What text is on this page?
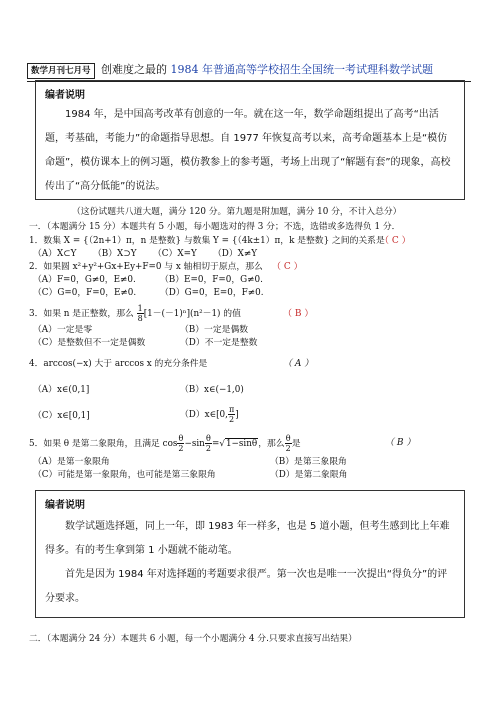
数学月刊七月号 创难度之最的 1984 年普通高等学校招生全国统一考试理科数学试题
编者说明

1984 年，是中国高考改革有创意的一年。就在这一年，数学命题组提出了高考“出活题，考基础，考能力”的命题指导思想。自 1977 年恢复高考以来，高考命题基本上是“模仿命题”，模仿课本上的例习题，模仿教参上的参考题，考场上出现了“解题有套”的现象，高校传出了“高分低能”的说法。

（这份试题共八道大题，满分 120 分。第九题是附加题，满分 10 分，不计入总分）
一．（本题满分 15 分）本题共有 5 小题，每小题选对的得 3 分；不选，选错或多选得负 1 分．
1．数集 X = {（2n+1）π，n 是整数} 与数集 Y = {（4k±1）π，k 是整数} 之间的关系是
（ C ）
（A）X⊂Y （B）X⊃Y （C）X=Y （D）X≠Y
2．如果圆 x²+y²+Gx+Ey+F=0 与 x 轴相切于原点，那么 （ C ）
（A）F=0，G≠0，E≠0.	（B）E=0，F=0，G≠0.
（C）G=0，F=0，E≠0.	（D）G=0，E=0，F≠0.
3．如果 n 是正整数，那么 $\frac{1}{8} [1-(-1)^n](n^2-1)$ 的值	（ B ）
（A）一定是零	（B）一定是偶数
（C）是整数但不一定是偶数	（D）不一定是整数
4．arccos(−x) 大于 arccos x 的充分条件是	（ A ）
（A）x∈(0,1]	（B）x∈(−1,0)
（C）x∈[0,1]	（D）x∈[0, $\frac{\pi}{2}$ ]
5．如果 θ 是第二象限角，且满足 $\cos \frac{\theta}{2} -\sin \frac{\theta}{2} =√1-\sin\theta$，那么 $\frac{\theta}{2}$ 是	（ B ）
（A）是第一象限角	（B）是第三象限角
（C）可能是第一象限角，也可能是第三象限角	（D）是第二象限角
编者说明

数学试题选择题，同上一年，即 1983 年一样多，也是 5 道小题，但考生感到比上年难得多。有的考生拿到第 1 小题就不能动笔。

首先是因为 1984 年对选择题的考题要求很严。第一次也是唯一一次提出“得负分”的评分要求。

二．（本题满分 24 分）本题共 6 小题，每一个小题满分 4 分.只要求直接写出结果）
